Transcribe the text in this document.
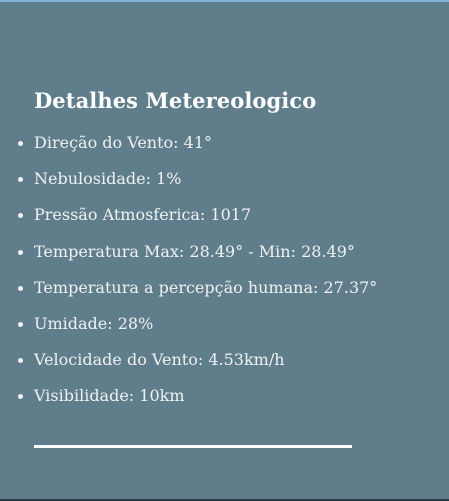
Detalhes Metereologico
Direção do Vento: 41°
Nebulosidade: 1%
Pressão Atmosferica: 1017
Temperatura Max: 28.49° - Min: 28.49°
Temperatura a percepção humana: 27.37°
Umidade: 28%
Velocidade do Vento: 4.53km/h
Visibilidade: 10km
